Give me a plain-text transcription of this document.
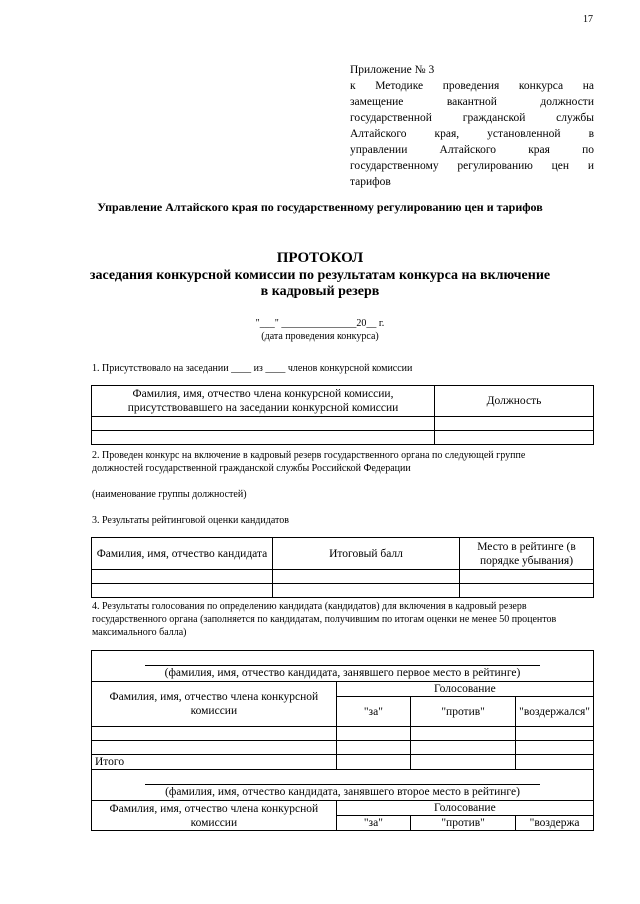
17
Приложение № 3
к Методике проведения конкурса на
замещение вакантной должности
государственной гражданской службы
Алтайского края, установленной в
управлении Алтайского края по
государственному регулированию цен и
тарифов
Управление Алтайского края по государственному регулированию цен и тарифов
ПРОТОКОЛ
заседания конкурсной комиссии по результатам конкурса на включение
в кадровый резерв
"___" _______________20__ г.
(дата проведения конкурса)
1. Присутствовало на заседании ____ из ____ членов конкурсной комиссии
Фамилия, имя, отчество члена конкурсной комиссии, присутствовавшего на заседании конкурсной комиссии	Должность

2. Проведен конкурс на включение в кадровый резерв государственного органа по следующей группе
должностей государственной гражданской службы Российской Федерации
(наименование группы должностей)
3. Результаты рейтинговой оценки кандидатов
Фамилия, имя, отчество кандидата	Итоговый балл	Место в рейтинге (в порядке убывания)

4. Результаты голосования по определению кандидата (кандидатов) для включения в кадровый резерв
государственного органа (заполняется по кандидатам, получившим по итогам оценки не менее 50 процентов
максимального балла)
(фамилия, имя, отчество кандидата, занявшего первое место в рейтинге)			
Фамилия, имя, отчество члена конкурсной комиссии	Голосование		
	"за"	"против"	"воздержался"

Итого			

(фамилия, имя, отчество кандидата, занявшего второе место в рейтинге)			
Фамилия, имя, отчество члена конкурсной комиссии	Голосование		
	"за"	"против"	"воздержа
